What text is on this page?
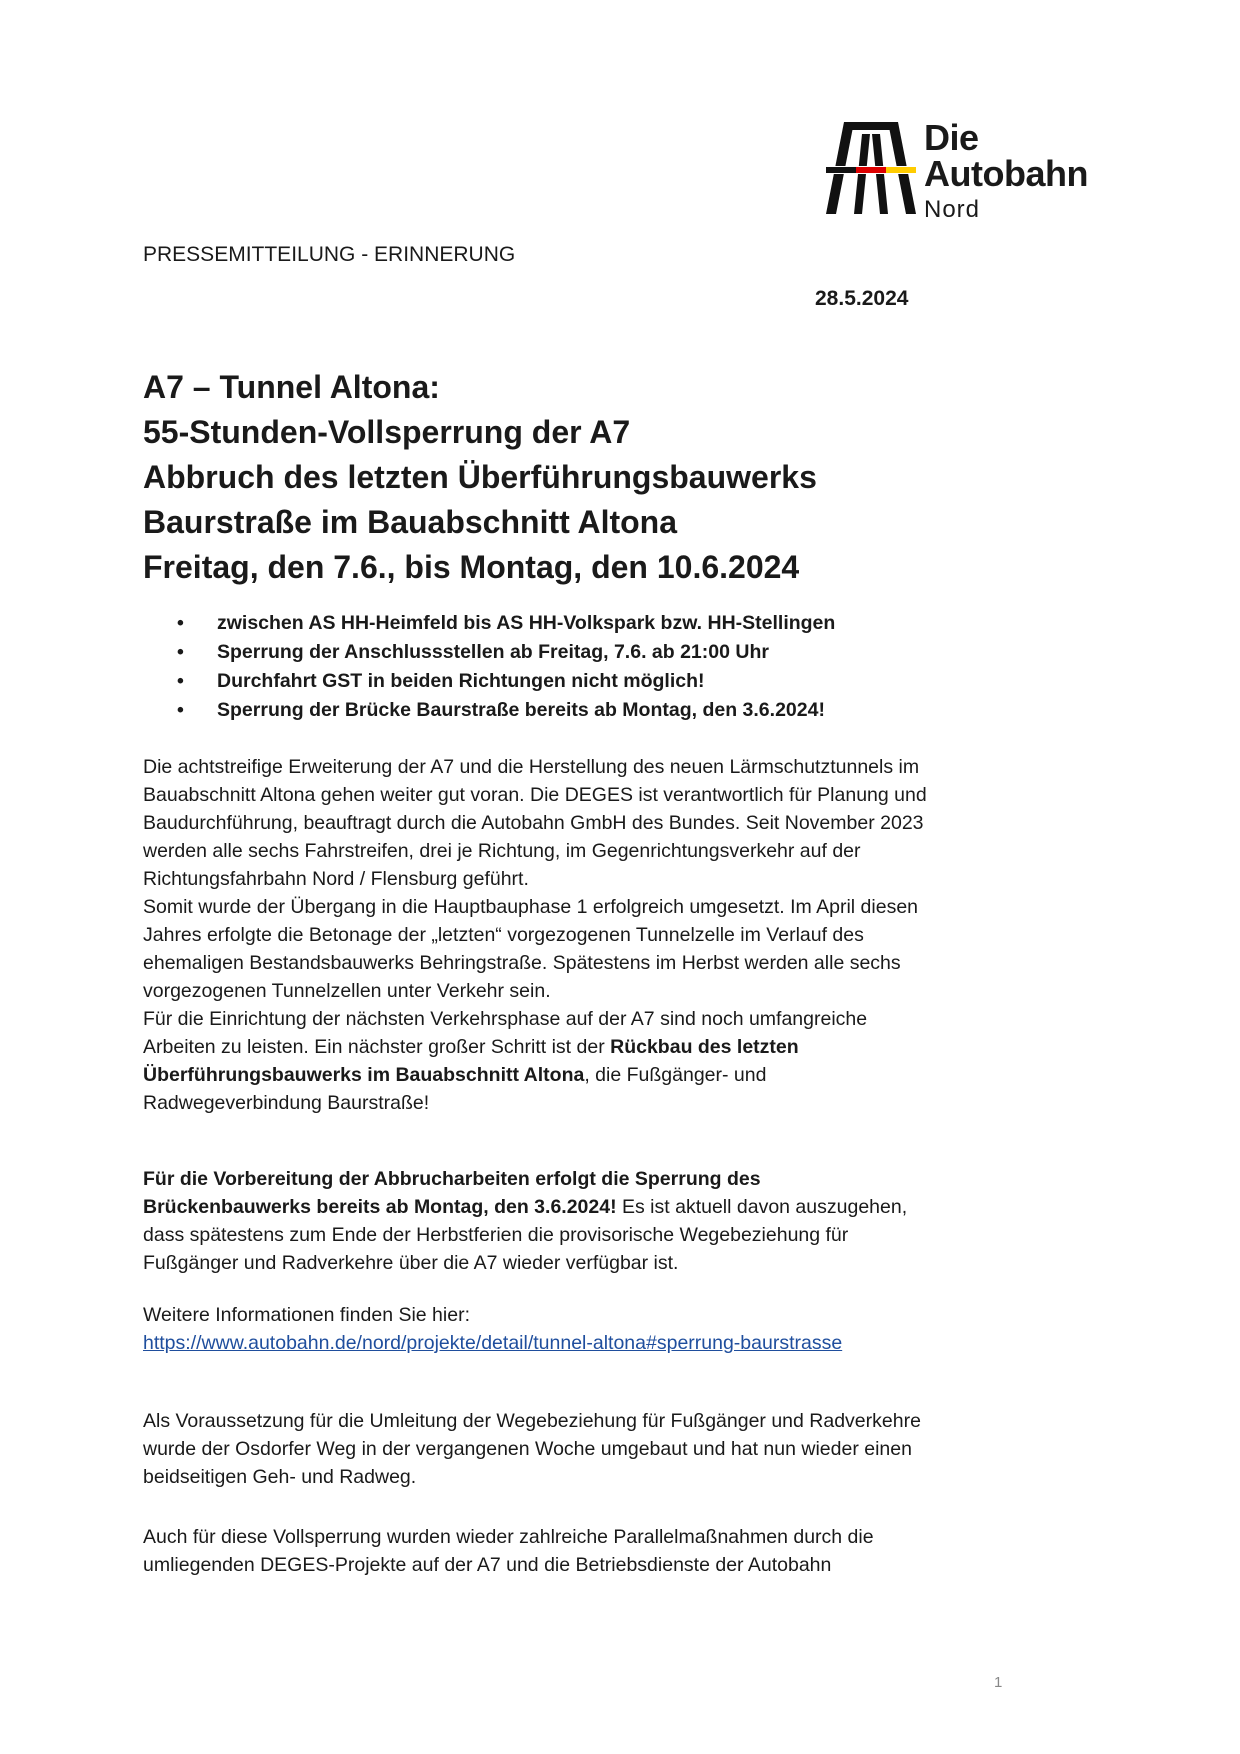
Die
Autobahn
Nord
PRESSEMITTEILUNG - ERINNERUNG
28.5.2024
A7 – Tunnel Altona:
55-Stunden-Vollsperrung der A7
Abbruch des letzten Überführungsbauwerks
Baurstraße im Bauabschnitt Altona
Freitag, den 7.6., bis Montag, den 10.6.2024
• zwischen AS HH-Heimfeld bis AS HH-Volkspark bzw. HH-Stellingen
• Sperrung der Anschlussstellen ab Freitag, 7.6. ab 21:00 Uhr
• Durchfahrt GST in beiden Richtungen nicht möglich!
• Sperrung der Brücke Baurstraße bereits ab Montag, den 3.6.2024!

Die achtstreifige Erweiterung der A7 und die Herstellung des neuen Lärmschutztunnels im Bauabschnitt Altona gehen weiter gut voran. Die DEGES ist verantwortlich für Planung und Baudurchführung, beauftragt durch die Autobahn GmbH des Bundes. Seit November 2023 werden alle sechs Fahrstreifen, drei je Richtung, im Gegenrichtungsverkehr auf der Richtungsfahrbahn Nord / Flensburg geführt.

Somit wurde der Übergang in die Hauptbauphase 1 erfolgreich umgesetzt. Im April diesen Jahres erfolgte die Betonage der „letzten“ vorgezogenen Tunnelzelle im Verlauf des ehemaligen Bestandsbauwerks Behringstraße. Spätestens im Herbst werden alle sechs vorgezogenen Tunnelzellen unter Verkehr sein.

Für die Einrichtung der nächsten Verkehrsphase auf der A7 sind noch umfangreiche Arbeiten zu leisten. Ein nächster großer Schritt ist der Rückbau des letzten Überführungsbauwerks im Bauabschnitt Altona, die Fußgänger- und Radwegeverbindung Baurstraße!

Für die Vorbereitung der Abbrucharbeiten erfolgt die Sperrung des Brückenbauwerks bereits ab Montag, den 3.6.2024! Es ist aktuell davon auszugehen, dass spätestens zum Ende der Herbstferien die provisorische Wegebeziehung für Fußgänger und Radverkehre über die A7 wieder verfügbar ist.

Weitere Informationen finden Sie hier:

https://www.autobahn.de/nord/projekte/detail/tunnel-altona#sperrung-baurstrasse

Als Voraussetzung für die Umleitung der Wegebeziehung für Fußgänger und Radverkehre wurde der Osdorfer Weg in der vergangenen Woche umgebaut und hat nun wieder einen beidseitigen Geh- und Radweg.

Auch für diese Vollsperrung wurden wieder zahlreiche Parallelmaßnahmen durch die umliegenden DEGES-Projekte auf der A7 und die Betriebsdienste der Autobahn

1
